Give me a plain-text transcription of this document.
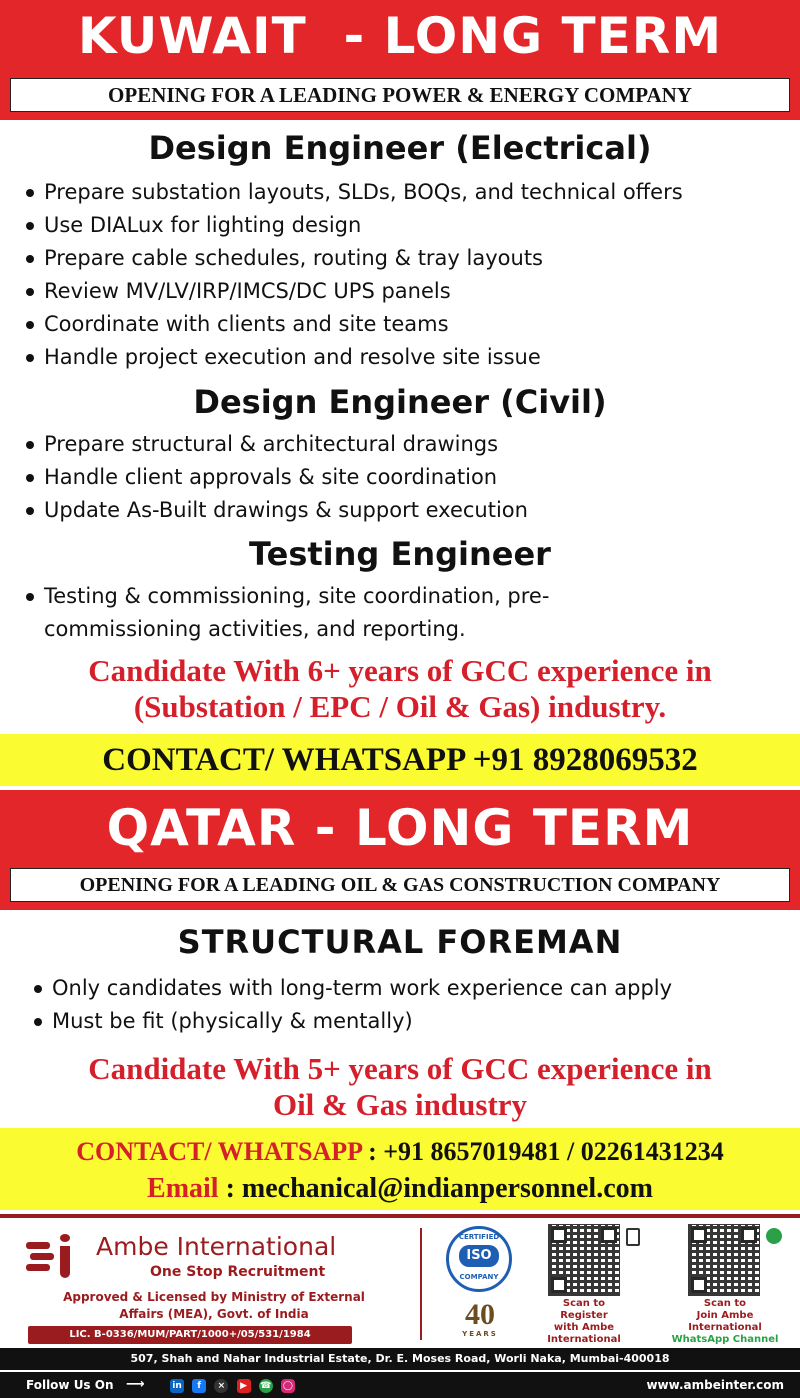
KUWAIT  - LONG TERM
OPENING FOR A LEADING POWER & ENERGY COMPANY
Design Engineer (Electrical)
Prepare substation layouts, SLDs, BOQs, and technical offers
Use DIALux for lighting design
Prepare cable schedules, routing & tray layouts
Review MV/LV/IRP/IMCS/DC UPS panels
Coordinate with clients and site teams
Handle project execution and resolve site issue
Design Engineer (Civil)
Prepare structural & architectural drawings
Handle client approvals & site coordination
Update As-Built drawings & support execution
Testing Engineer
Testing & commissioning, site coordination, pre-
commissioning activities, and reporting.
Candidate With 6+ years of GCC experience in
(Substation / EPC / Oil & Gas) industry.
CONTACT/ WHATSAPP +91 8928069532
QATAR - LONG TERM
OPENING FOR A LEADING OIL & GAS CONSTRUCTION COMPANY
STRUCTURAL FOREMAN
Only candidates with long-term work experience can apply
Must be fit (physically & mentally)
Candidate With 5+ years of GCC experience in
Oil & Gas industry
CONTACT/ WHATSAPP : +91 8657019481 / 02261431234
Email : mechanical@indianpersonnel.com
Ambe International
One Stop Recruitment
Approved & Licensed by Ministry of External
Affairs (MEA), Govt. of India
LIC. B-0336/MUM/PART/1000+/05/531/1984
CERTIFIED
ISO
COMPANY
40
YEARS
Scan to
Register
with Ambe
International
Scan to
Join Ambe
International
WhatsApp Channel
507, Shah and Nahar Industrial Estate, Dr. E. Moses Road, Worli Naka, Mumbai-400018
Follow Us On ⟶	in f × ▶ ☎ ◯	www.ambeinter.com
